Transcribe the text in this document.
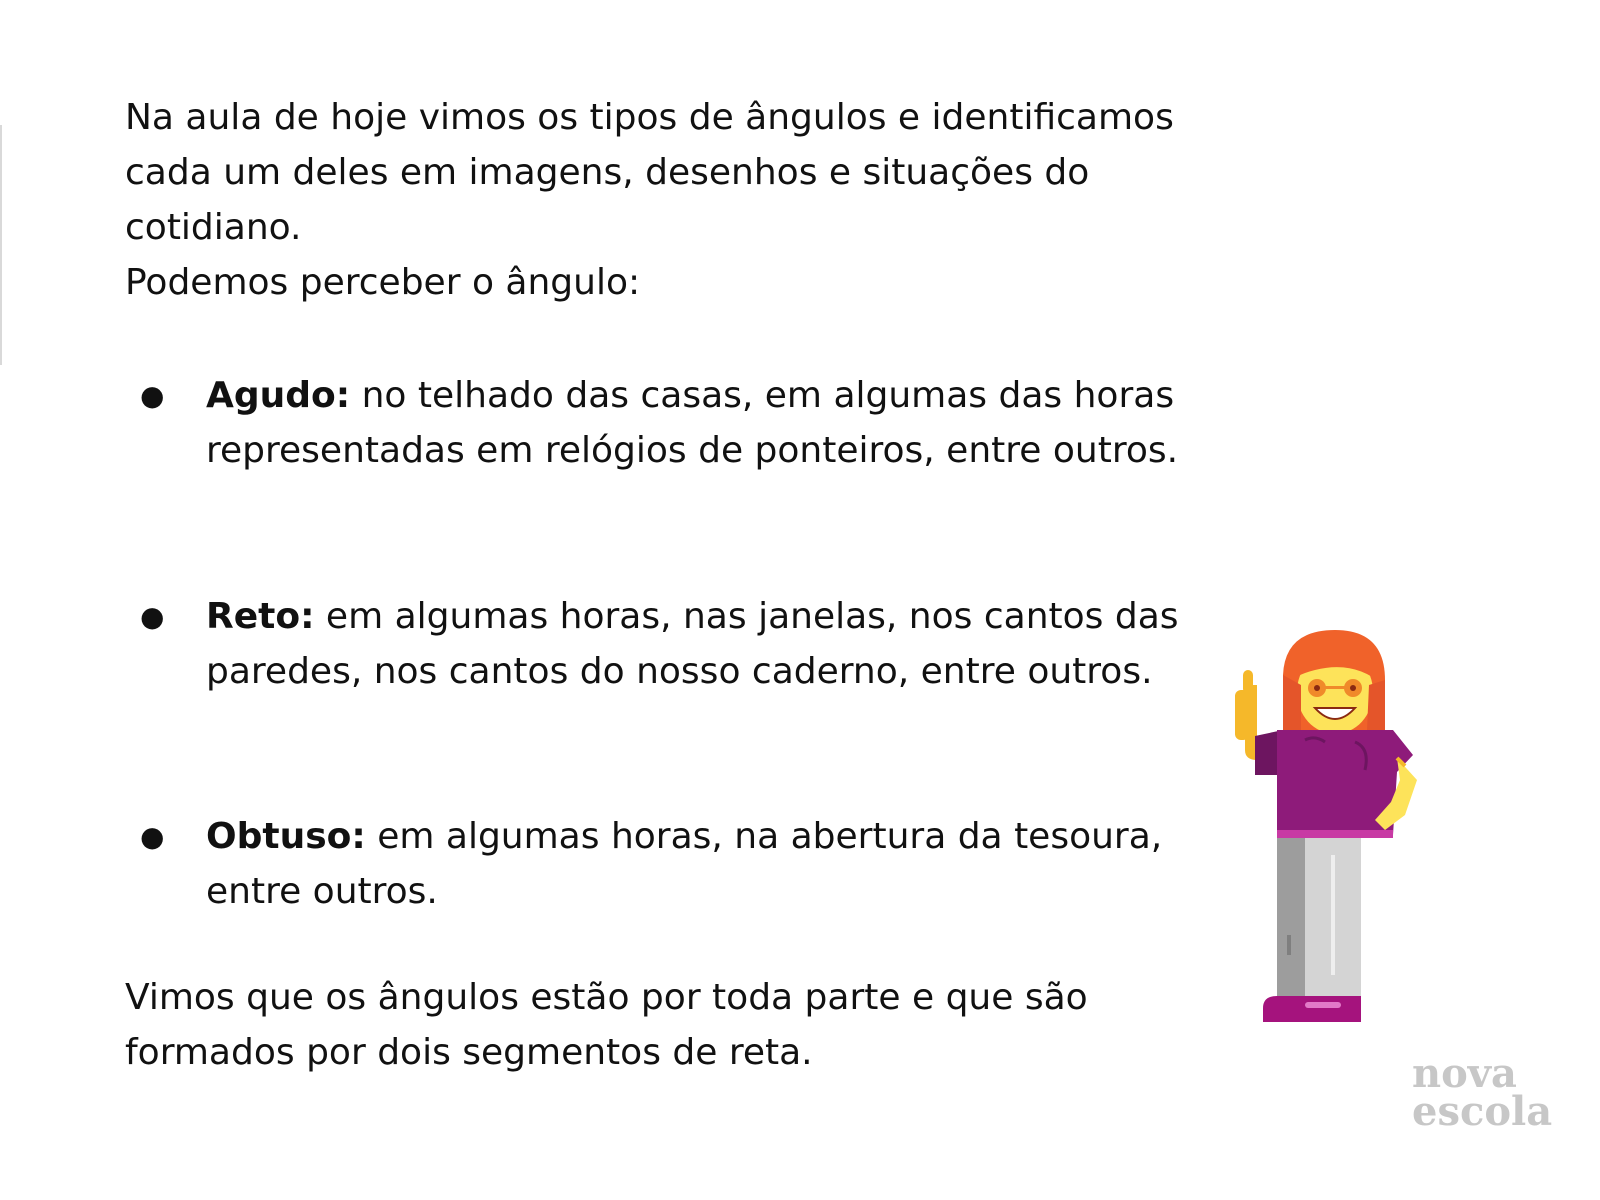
Na aula de hoje vimos os tipos de ângulos e identificamos

cada um deles em imagens, desenhos e situações do

cotidiano.

Podemos perceber o ângulo:

●	Agudo: no telhado das casas, em algumas das horas
representadas em relógios de ponteiros, entre outros.
●	Reto: em algumas horas, nas janelas, nos cantos das
paredes, nos cantos do nosso caderno, entre outros.
●	Obtuso: em algumas horas, na abertura da tesoura,
entre outros.

Vimos que os ângulos estão por toda parte e que são

formados por dois segmentos de reta.	nova
escola
